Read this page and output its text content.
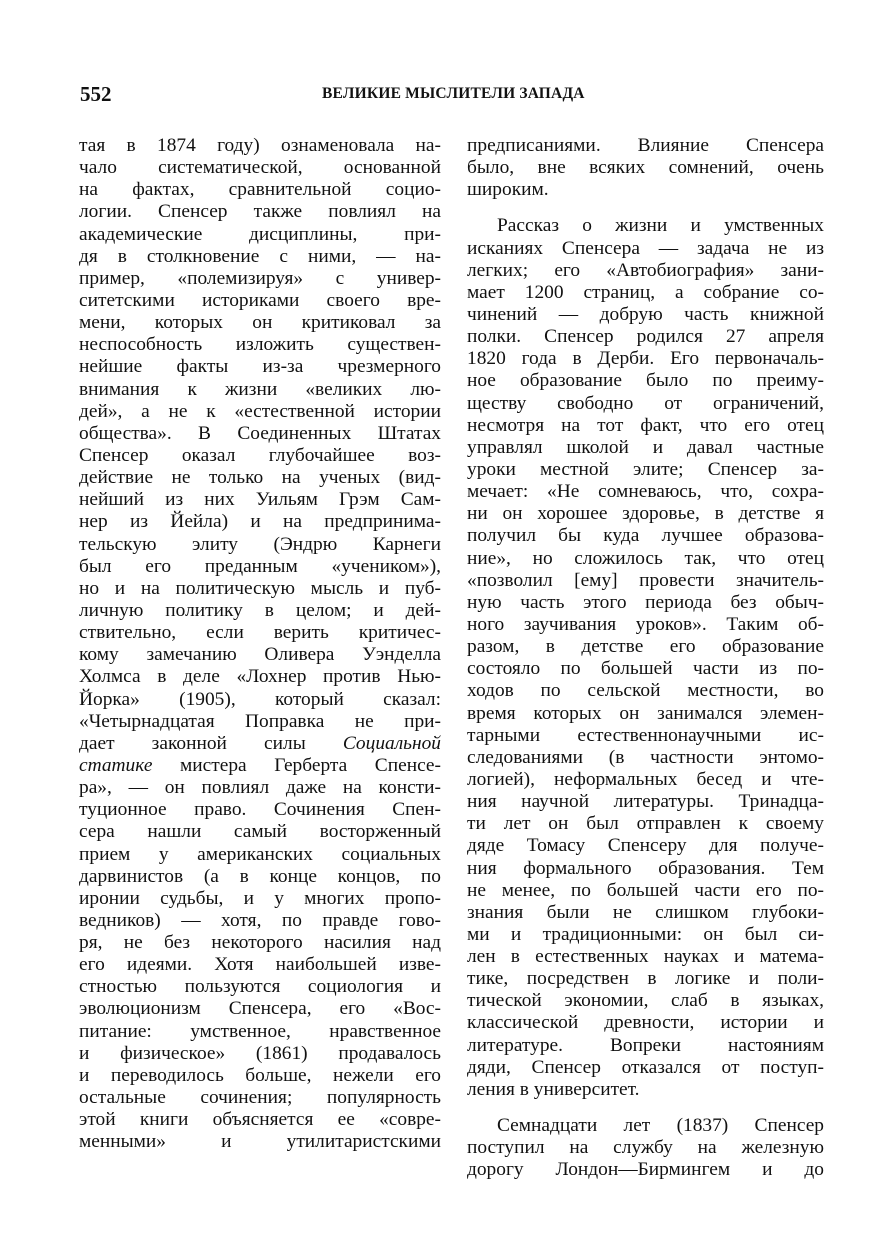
552	ВЕЛИКИЕ МЫСЛИТЕЛИ ЗАПАДА
тая в 1874 году) ознаменовала на-
чало систематической, основанной
на фактах, сравнительной социо-
логии. Спенсер также повлиял на
академические дисциплины, при-
дя в столкновение с ними, — на-
пример, «полемизируя» с универ-
ситетскими историками своего вре-
мени, которых он критиковал за
неспособность изложить существен-
нейшие факты из-за чрезмерного
внимания к жизни «великих лю-
дей», а не к «естественной истории
общества». В Соединенных Штатах
Спенсер оказал глубочайшее воз-
действие не только на ученых (вид-
нейший из них Уильям Грэм Сам-
нер из Йейла) и на предпринима-
тельскую элиту (Эндрю Карнеги
был его преданным «учеником»),
но и на политическую мысль и пуб-
личную политику в целом; и дей-
ствительно, если верить критичес-
кому замечанию Оливера Уэнделла
Холмса в деле «Лохнер против Нью-
Йорка» (1905), который сказал:
«Четырнадцатая Поправка не при-
дает законной силы Социальной
статике мистера Герберта Спенсе-
ра», — он повлиял даже на консти-
туционное право. Сочинения Спен-
сера нашли самый восторженный
прием у американских социальных
дарвинистов (а в конце концов, по
иронии судьбы, и у многих пропо-
ведников) — хотя, по правде гово-
ря, не без некоторого насилия над
его идеями. Хотя наибольшей изве-
стностью пользуются социология и
эволюционизм Спенсера, его «Вос-
питание: умственное, нравственное
и физическое» (1861) продавалось
и переводилось больше, нежели его
остальные сочинения; популярность
этой книги объясняется ее «совре-
менными» и утилитаристскими
предписаниями. Влияние Спенсера
было, вне всяких сомнений, очень
широким.
Рассказ о жизни и умственных
исканиях Спенсера — задача не из
легких; его «Автобиография» зани-
мает 1200 страниц, а собрание со-
чинений — добрую часть книжной
полки. Спенсер родился 27 апреля
1820 года в Дерби. Его первоначаль-
ное образование было по преиму-
ществу свободно от ограничений,
несмотря на тот факт, что его отец
управлял школой и давал частные
уроки местной элите; Спенсер за-
мечает: «Не сомневаюсь, что, сохра-
ни он хорошее здоровье, в детстве я
получил бы куда лучшее образова-
ние», но сложилось так, что отец
«позволил [ему] провести значитель-
ную часть этого периода без обыч-
ного заучивания уроков». Таким об-
разом, в детстве его образование
состояло по большей части из по-
ходов по сельской местности, во
время которых он занимался элемен-
тарными естественнонаучными ис-
следованиями (в частности энтомо-
логией), неформальных бесед и чте-
ния научной литературы. Тринадца-
ти лет он был отправлен к своему
дяде Томасу Спенсеру для получе-
ния формального образования. Тем
не менее, по большей части его по-
знания были не слишком глубоки-
ми и традиционными: он был си-
лен в естественных науках и матема-
тике, посредствен в логике и поли-
тической экономии, слаб в языках,
классической древности, истории и
литературе. Вопреки настояниям
дяди, Спенсер отказался от поступ-
ления в университет.
Семнадцати лет (1837) Спенсер
поступил на службу на железную
дорогу Лондон—Бирмингем и до
